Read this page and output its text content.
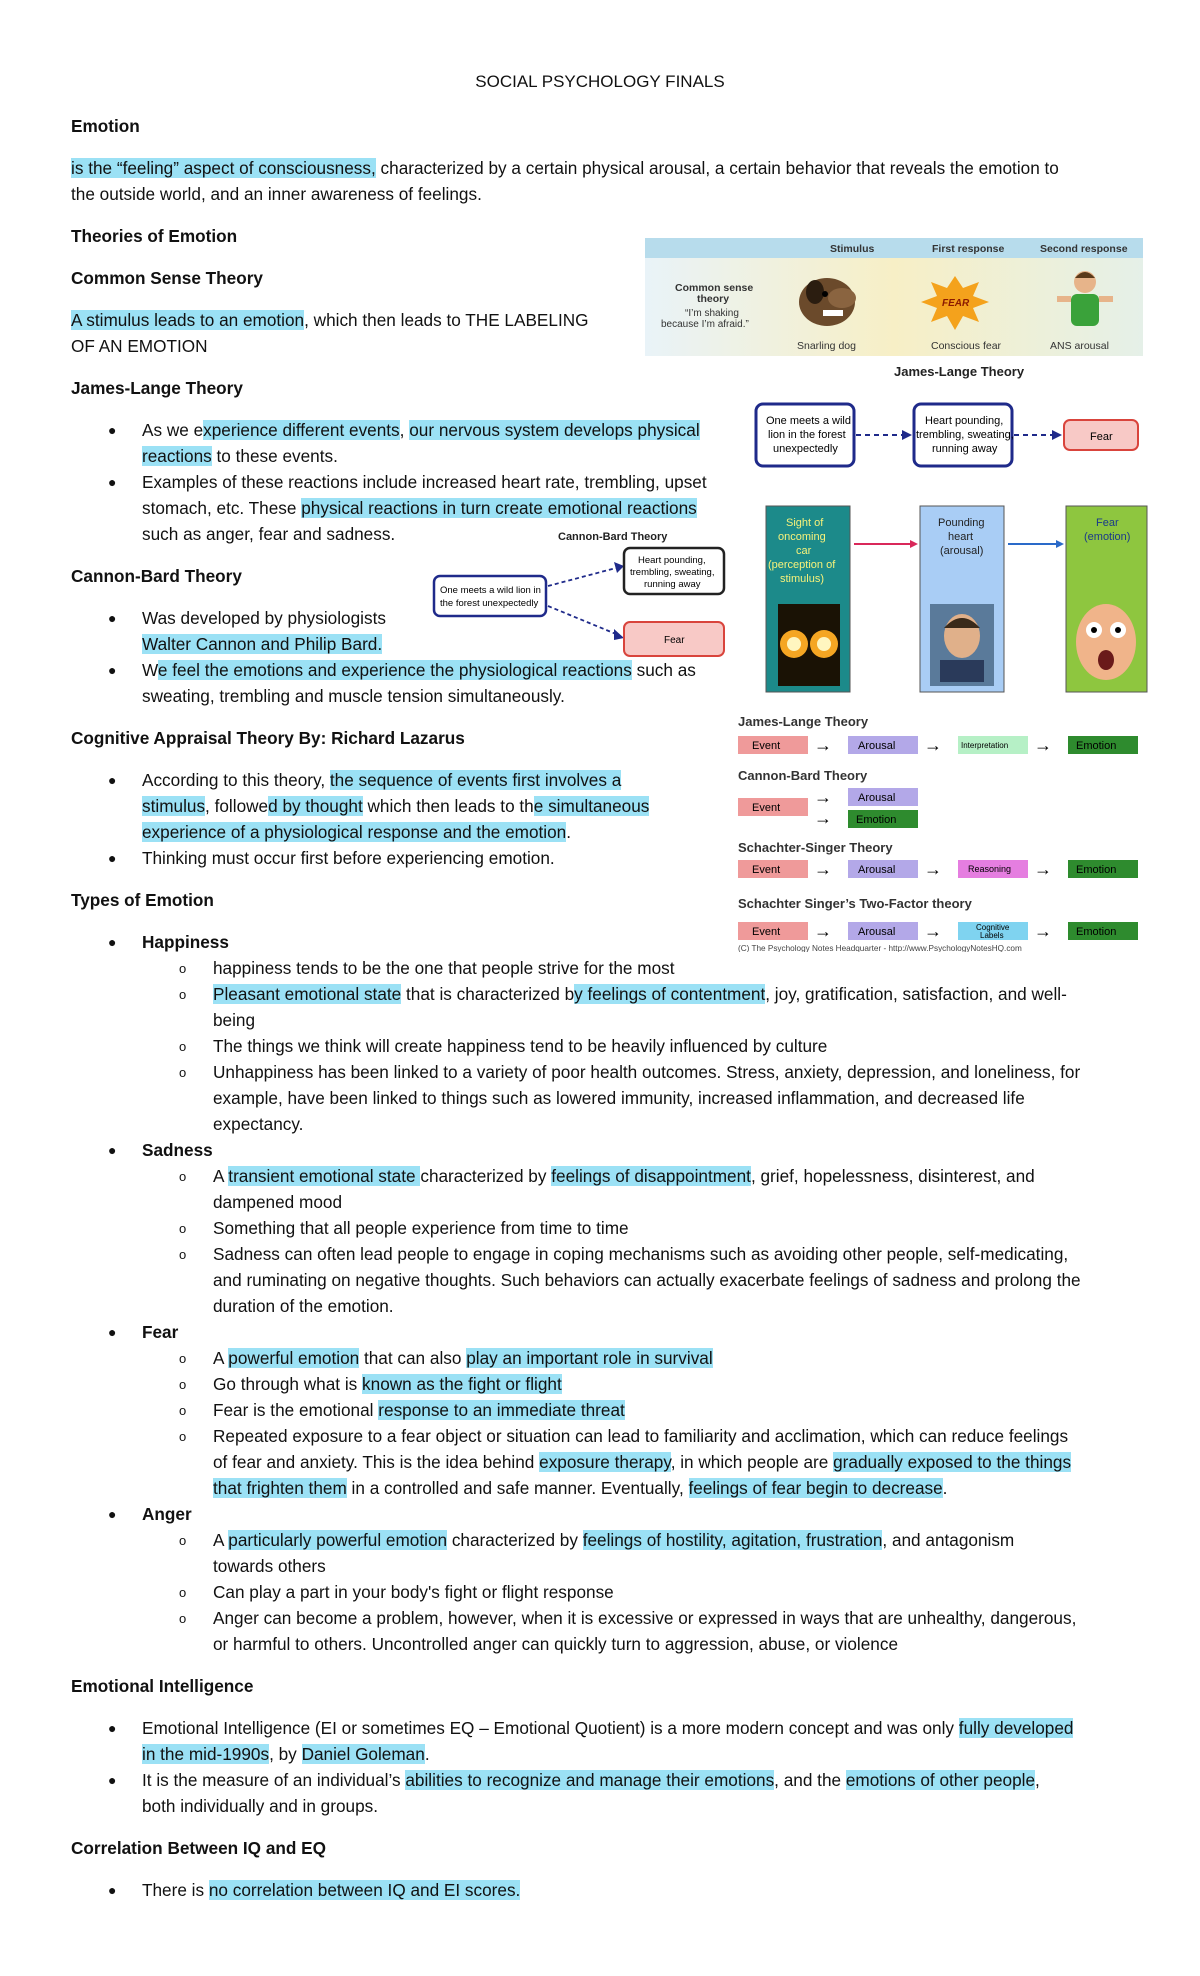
SOCIAL PSYCHOLOGY FINALS
Emotion
is the “feeling” aspect of consciousness, characterized by a certain physical arousal, a certain behavior that reveals the emotion to
the outside world, and an inner awareness of feelings.
Theories of Emotion
Common Sense Theory
A stimulus leads to an emotion, which then leads to THE LABELING
OF AN EMOTION
James-Lange Theory
● As we experience different events, our nervous system develops physical
reactions to these events.
● Examples of these reactions include increased heart rate, trembling, upset
stomach, etc. These physical reactions in turn create emotional reactions
such as anger, fear and sadness.
Cannon-Bard Theory
● Was developed by physiologists
Walter Cannon and Philip Bard.
● We feel the emotions and experience the physiological reactions such as
sweating, trembling and muscle tension simultaneously.
Cognitive Appraisal Theory By: Richard Lazarus
● According to this theory, the sequence of events first involves a
stimulus, followed by thought which then leads to the simultaneous
experience of a physiological response and the emotion.
● Thinking must occur first before experiencing emotion.
Types of Emotion
● Happiness
o happiness tends to be the one that people strive for the most
o Pleasant emotional state that is characterized by feelings of contentment, joy, gratification, satisfaction, and well-
being
o The things we think will create happiness tend to be heavily influenced by culture
o Unhappiness has been linked to a variety of poor health outcomes. Stress, anxiety, depression, and loneliness, for
example, have been linked to things such as lowered immunity, increased inflammation, and decreased life
expectancy.
● Sadness
o A transient emotional state characterized by feelings of disappointment, grief, hopelessness, disinterest, and
dampened mood
o Something that all people experience from time to time
o Sadness can often lead people to engage in coping mechanisms such as avoiding other people, self-medicating,
and ruminating on negative thoughts. Such behaviors can actually exacerbate feelings of sadness and prolong the
duration of the emotion.
● Fear
o A powerful emotion that can also play an important role in survival
o Go through what is known as the fight or flight
o Fear is the emotional response to an immediate threat
o Repeated exposure to a fear object or situation can lead to familiarity and acclimation, which can reduce feelings
of fear and anxiety. This is the idea behind exposure therapy, in which people are gradually exposed to the things
that frighten them in a controlled and safe manner. Eventually, feelings of fear begin to decrease.
● Anger
o A particularly powerful emotion characterized by feelings of hostility, agitation, frustration, and antagonism
towards others
o Can play a part in your body's fight or flight response
o Anger can become a problem, however, when it is excessive or expressed in ways that are unhealthy, dangerous,
or harmful to others. Uncontrolled anger can quickly turn to aggression, abuse, or violence
Emotional Intelligence
● Emotional Intelligence (EI or sometimes EQ – Emotional Quotient) is a more modern concept and was only fully developed
in the mid-1990s, by Daniel Goleman.
● It is the measure of an individual’s abilities to recognize and manage their emotions, and the emotions of other people,
both individually and in groups.
Correlation Between IQ and EQ
● There is no correlation between IQ and EI scores.
Stimulus	First response	Second response
Common sense
theory
“I’m shaking
because I’m afraid.”
FEAR
Snarling dog	Conscious fear	ANS arousal
James-Lange Theory
One meets a wild
lion in the forest
unexpectedly
Heart pounding,
trembling, sweating,
running away
Fear
Cannon-Bard Theory
One meets a wild lion in
the forest unexpectedly
Heart pounding,
trembling, sweating,
running away
Fear
Sight of
oncoming
car
(perception of
stimulus)
Pounding
heart
(arousal)
Fear
(emotion)
James-Lange Theory
Event → Arousal → Interpretation → Emotion
Cannon-Bard Theory
Event
→
→
Arousal
Emotion
Schachter-Singer Theory
Event → Arousal →	Reasoning → Emotion
Schachter Singer’s Two-Factor theory
Event → Arousal →	Cognitive
Labels → Emotion
(C) The Psychology Notes Headquarter - http://www.PsychologyNotesHQ.com
